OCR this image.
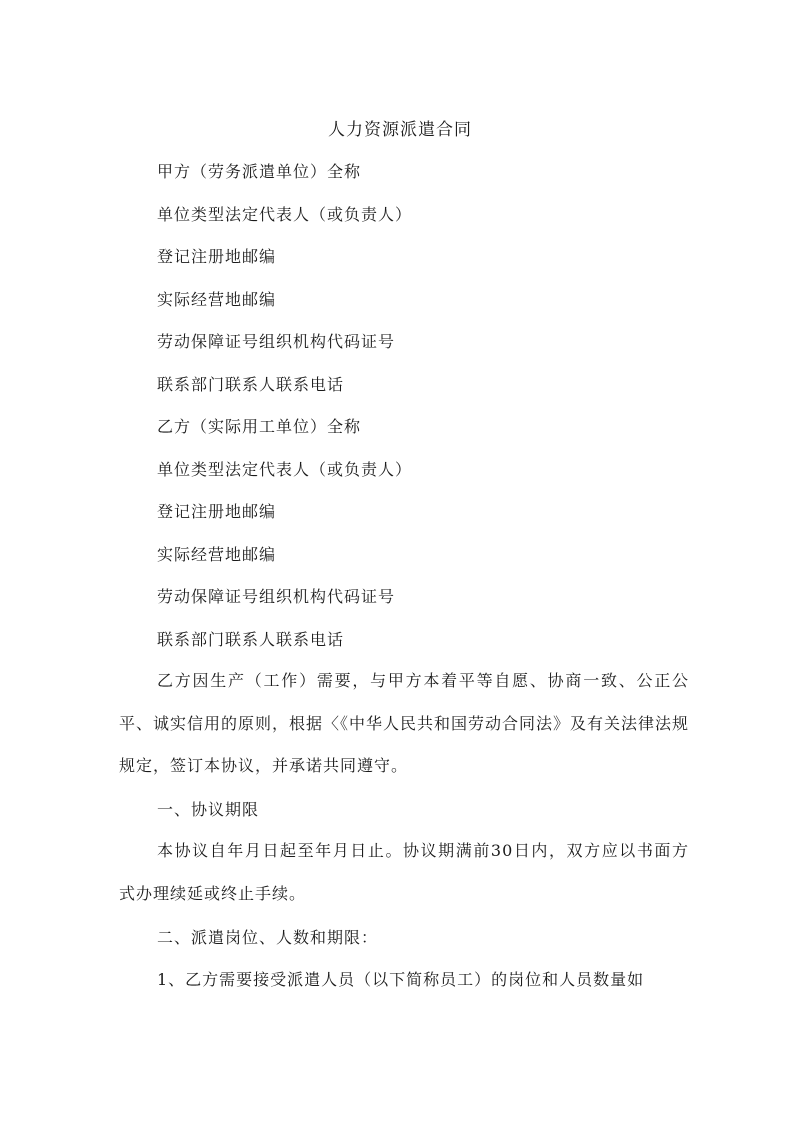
人力资源派遣合同
甲方（劳务派遣单位）全称
单位类型法定代表人（或负责人）
登记注册地邮编
实际经营地邮编
劳动保障证号组织机构代码证号
联系部门联系人联系电话
乙方（实际用工单位）全称
单位类型法定代表人（或负责人）
登记注册地邮编
实际经营地邮编
劳动保障证号组织机构代码证号
联系部门联系人联系电话
乙方因生产（工作）需要，与甲方本着平等自愿、协商一致、公正公平、诚实信用的原则，根据〈《中华人民共和国劳动合同法》及有关法律法规规定，签订本协议，并承诺共同遵守。
一、协议期限
本协议自年月日起至年月日止。协议期满前30日内，双方应以书面方式办理续延或终止手续。
二、派遣岗位、人数和期限：
1、乙方需要接受派遣人员（以下简称员工）的岗位和人员数量如
